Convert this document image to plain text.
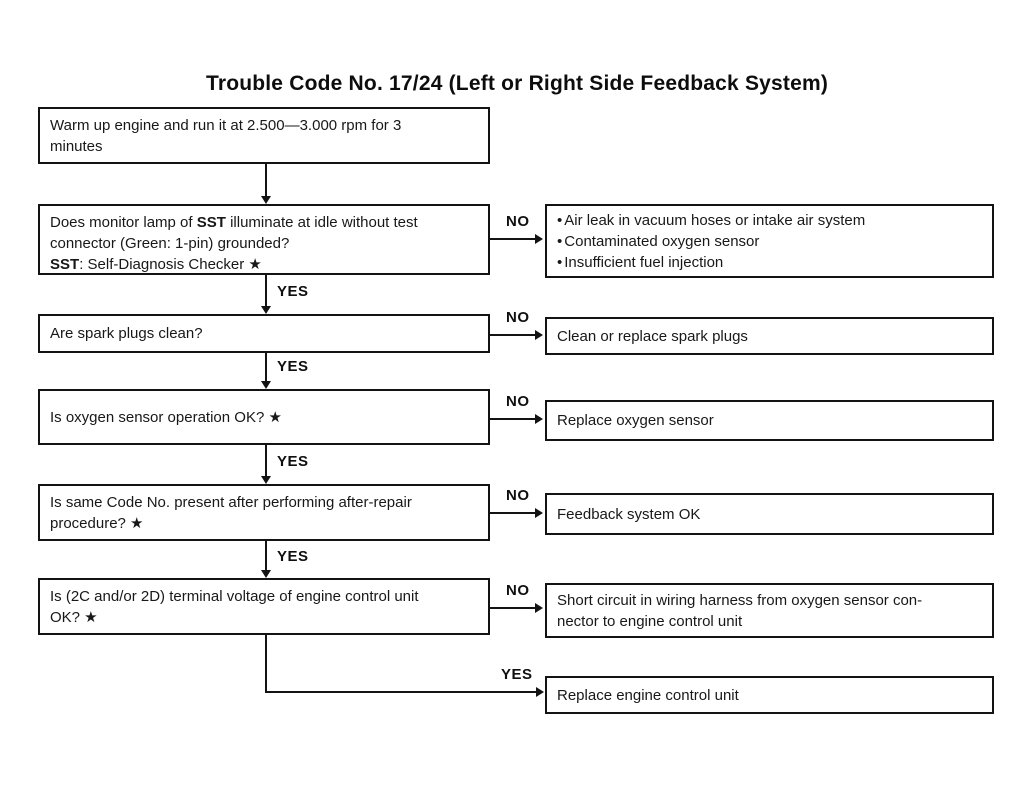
Trouble Code No. 17/24 (Left or Right Side Feedback System)
Warm up engine and run it at 2.500—3.000 rpm for 3
minutes
Does monitor lamp of SST illuminate at idle without test
connector (Green: 1-pin) grounded?
SST: Self-Diagnosis Checker ★
Are spark plugs clean?
Is oxygen sensor operation OK? ★
Is same Code No. present after performing after-repair
procedure? ★
Is (2C and/or 2D) terminal voltage of engine control unit
OK? ★
• Air leak in vacuum hoses or intake air system
• Contaminated oxygen sensor
• Insufficient fuel injection
Clean or replace spark plugs
Replace oxygen sensor
Feedback system OK
Short circuit in wiring harness from oxygen sensor con-
nector to engine control unit
Replace engine control unit
YES
YES
YES
YES
YES
NO
NO
NO
NO
NO
